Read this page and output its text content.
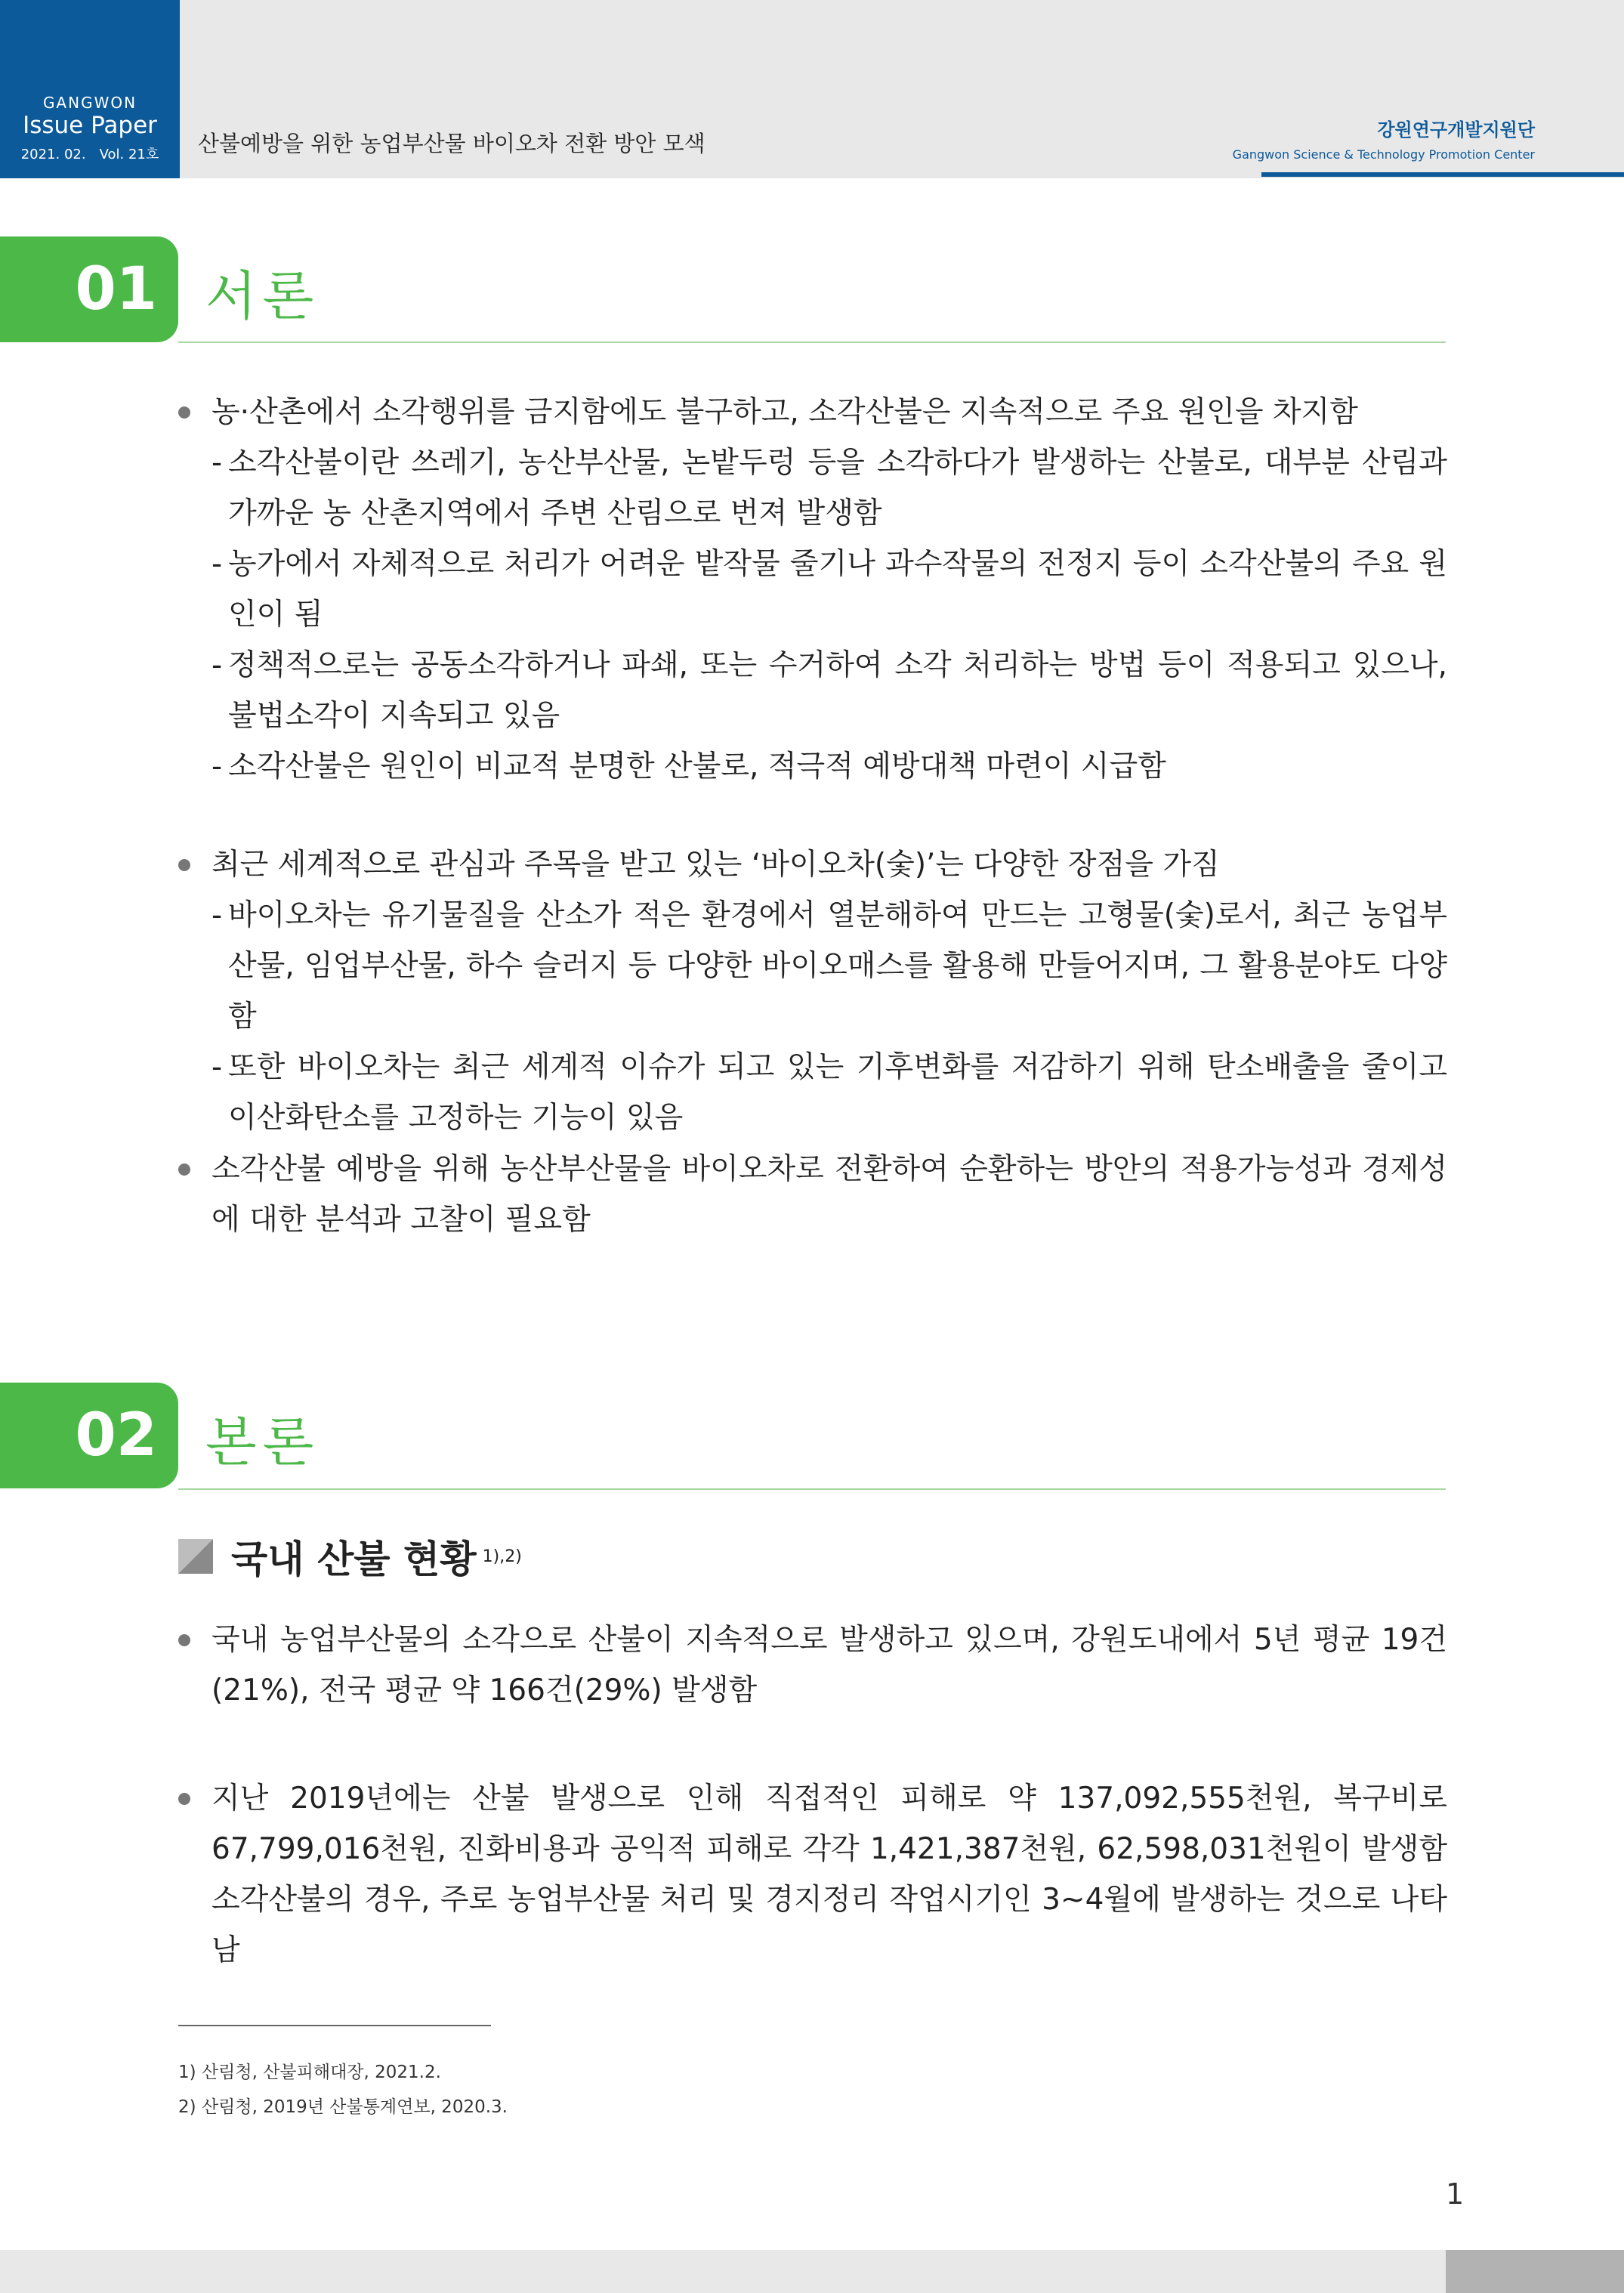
GANGWON
Issue Paper
2021. 02. Vol. 21호	산불예방을 위한 농업부산물 바이오차 전환 방안 모색
강원연구개발지원단
Gangwon Science & Technology Promotion Center
01 서론
농·산촌에서 소각행위를 금지함에도 불구하고, 소각산불은 지속적으로 주요 원인을 차지함
- 소각산불이란 쓰레기, 농산부산물, 논밭두렁 등을 소각하다가 발생하는 산불로, 대부분 산림과 가까운 농 산촌지역에서 주변 산림으로 번져 발생함
- 농가에서 자체적으로 처리가 어려운 밭작물 줄기나 과수작물의 전정지 등이 소각산불의 주요 원인이 됨
- 정책적으로는 공동소각하거나 파쇄, 또는 수거하여 소각 처리하는 방법 등이 적용되고 있으나, 불법소각이 지속되고 있음
- 소각산불은 원인이 비교적 분명한 산불로, 적극적 예방대책 마련이 시급함
최근 세계적으로 관심과 주목을 받고 있는 ‘바이오차(숯)’는 다양한 장점을 가짐
- 바이오차는 유기물질을 산소가 적은 환경에서 열분해하여 만드는 고형물(숯)로서, 최근 농업부산물, 임업부산물, 하수 슬러지 등 다양한 바이오매스를 활용해 만들어지며, 그 활용분야도 다양함
- 또한 바이오차는 최근 세계적 이슈가 되고 있는 기후변화를 저감하기 위해 탄소배출을 줄이고 이산화탄소를 고정하는 기능이 있음
소각산불 예방을 위해 농산부산물을 바이오차로 전환하여 순환하는 방안의 적용가능성과 경제성에 대한 분석과 고찰이 필요함
02 본론
국내 산불 현황 1),2)
국내 농업부산물의 소각으로 산불이 지속적으로 발생하고 있으며, 강원도내에서 5년 평균 19건(21%), 전국 평균 약 166건(29%) 발생함
지난 2019년에는 산불 발생으로 인해 직접적인 피해로 약 137,092,555천원, 복구비로 67,799,016천원, 진화비용과 공익적 피해로 각각 1,421,387천원, 62,598,031천원이 발생함 소각산불의 경우, 주로 농업부산물 처리 및 경지정리 작업시기인 3~4월에 발생하는 것으로 나타남
1) 산림청, 산불피해대장, 2021.2.
2) 산림청, 2019년 산불통계연보, 2020.3.
1
